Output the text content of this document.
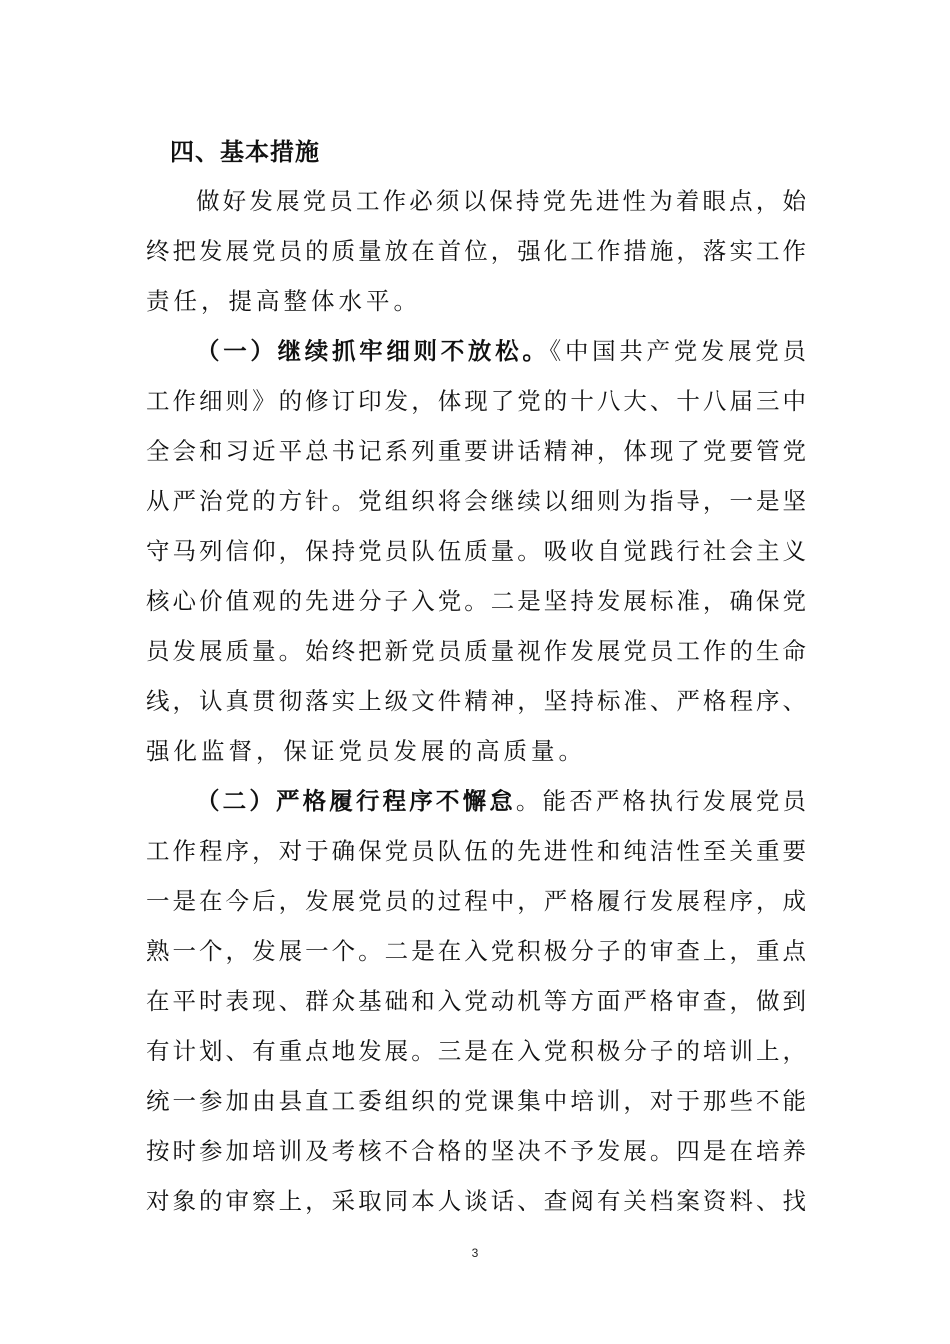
四、基本措施
做好发展党员工作必须以保持党先进性为着眼点，始
终把发展党员的质量放在首位，强化工作措施，落实工作
责任，提高整体水平。
（一）继续抓牢细则不放松。《中国共产党发展党员
工作细则》的修订印发，体现了党的十八大、十八届三中
全会和习近平总书记系列重要讲话精神，体现了党要管党
从严治党的方针。党组织将会继续以细则为指导，一是坚
守马列信仰，保持党员队伍质量。吸收自觉践行社会主义
核心价值观的先进分子入党。二是坚持发展标准，确保党
员发展质量。始终把新党员质量视作发展党员工作的生命
线，认真贯彻落实上级文件精神，坚持标准、严格程序、
强化监督，保证党员发展的高质量。
（二）严格履行程序不懈怠。能否严格执行发展党员
工作程序，对于确保党员队伍的先进性和纯洁性至关重要
一是在今后，发展党员的过程中，严格履行发展程序，成
熟一个，发展一个。二是在入党积极分子的审查上，重点
在平时表现、群众基础和入党动机等方面严格审查，做到
有计划、有重点地发展。三是在入党积极分子的培训上，
统一参加由县直工委组织的党课集中培训，对于那些不能
按时参加培训及考核不合格的坚决不予发展。四是在培养
对象的审察上，采取同本人谈话、查阅有关档案资料、找
3
